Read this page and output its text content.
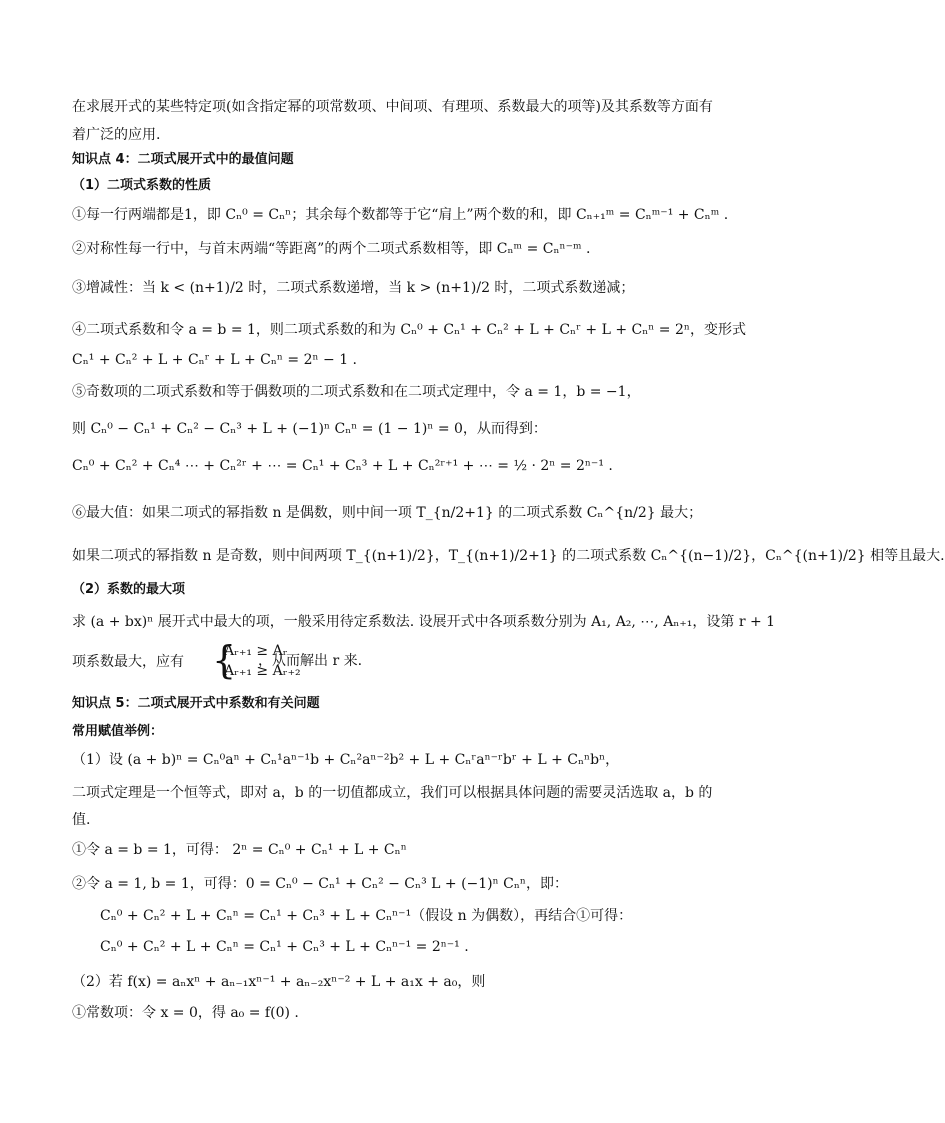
在求展开式的某些特定项(如含指定幂的项常数项、中间项、有理项、系数最大的项等)及其系数等方面有
着广泛的应用.
知识点 4：二项式展开式中的最值问题
（1）二项式系数的性质
①每一行两端都是1，即 Cₙ⁰ = Cₙⁿ；其余每个数都等于它“肩上”两个数的和，即 Cₙ₊₁ᵐ = Cₙᵐ⁻¹ + Cₙᵐ .
②对称性每一行中，与首末两端“等距离”的两个二项式系数相等，即 Cₙᵐ = Cₙⁿ⁻ᵐ .
③增减性：当 k < (n+1)/2 时，二项式系数递增，当 k > (n+1)/2 时，二项式系数递减；
④二项式系数和令 a = b = 1，则二项式系数的和为 Cₙ⁰ + Cₙ¹ + Cₙ² + L + Cₙʳ + L + Cₙⁿ = 2ⁿ，变形式
Cₙ¹ + Cₙ² + L + Cₙʳ + L + Cₙⁿ = 2ⁿ − 1 .
⑤奇数项的二项式系数和等于偶数项的二项式系数和在二项式定理中，令 a = 1，b = −1，
则 Cₙ⁰ − Cₙ¹ + Cₙ² − Cₙ³ + L + (−1)ⁿ Cₙⁿ = (1 − 1)ⁿ = 0，从而得到：
Cₙ⁰ + Cₙ² + Cₙ⁴ ⋯ + Cₙ²ʳ + ⋯ = Cₙ¹ + Cₙ³ + L + Cₙ²ʳ⁺¹ + ⋯ = ½ · 2ⁿ = 2ⁿ⁻¹ .
⑥最大值：如果二项式的幂指数 n 是偶数，则中间一项 T_{n/2+1} 的二项式系数 Cₙ^{n/2} 最大；
如果二项式的幂指数 n 是奇数，则中间两项 T_{(n+1)/2}，T_{(n+1)/2+1} 的二项式系数 Cₙ^{(n−1)/2}，Cₙ^{(n+1)/2} 相等且最大.
（2）系数的最大项
求 (a + bx)ⁿ 展开式中最大的项，一般采用待定系数法. 设展开式中各项系数分别为 A₁, A₂, ⋯, Aₙ₊₁，设第 r + 1
项系数最大，应有 {
Aᵣ₊₁ ≥ Aᵣ
Aᵣ₊₁ ≥ Aᵣ₊₂
，从而解出 r 来.
知识点 5：二项式展开式中系数和有关问题
常用赋值举例：
（1）设 (a + b)ⁿ = Cₙ⁰aⁿ + Cₙ¹aⁿ⁻¹b + Cₙ²aⁿ⁻²b² + L + Cₙʳaⁿ⁻ʳbʳ + L + Cₙⁿbⁿ，
二项式定理是一个恒等式，即对 a，b 的一切值都成立，我们可以根据具体问题的需要灵活选取 a，b 的
值.
①令 a = b = 1，可得： 2ⁿ = Cₙ⁰ + Cₙ¹ + L + Cₙⁿ
②令 a = 1, b = 1，可得：0 = Cₙ⁰ − Cₙ¹ + Cₙ² − Cₙ³ L + (−1)ⁿ Cₙⁿ，即：
Cₙ⁰ + Cₙ² + L + Cₙⁿ = Cₙ¹ + Cₙ³ + L + Cₙⁿ⁻¹（假设 n 为偶数），再结合①可得：
Cₙ⁰ + Cₙ² + L + Cₙⁿ = Cₙ¹ + Cₙ³ + L + Cₙⁿ⁻¹ = 2ⁿ⁻¹ .
（2）若 f(x) = aₙxⁿ + aₙ₋₁xⁿ⁻¹ + aₙ₋₂xⁿ⁻² + L + a₁x + a₀，则
①常数项：令 x = 0，得 a₀ = f(0) .
